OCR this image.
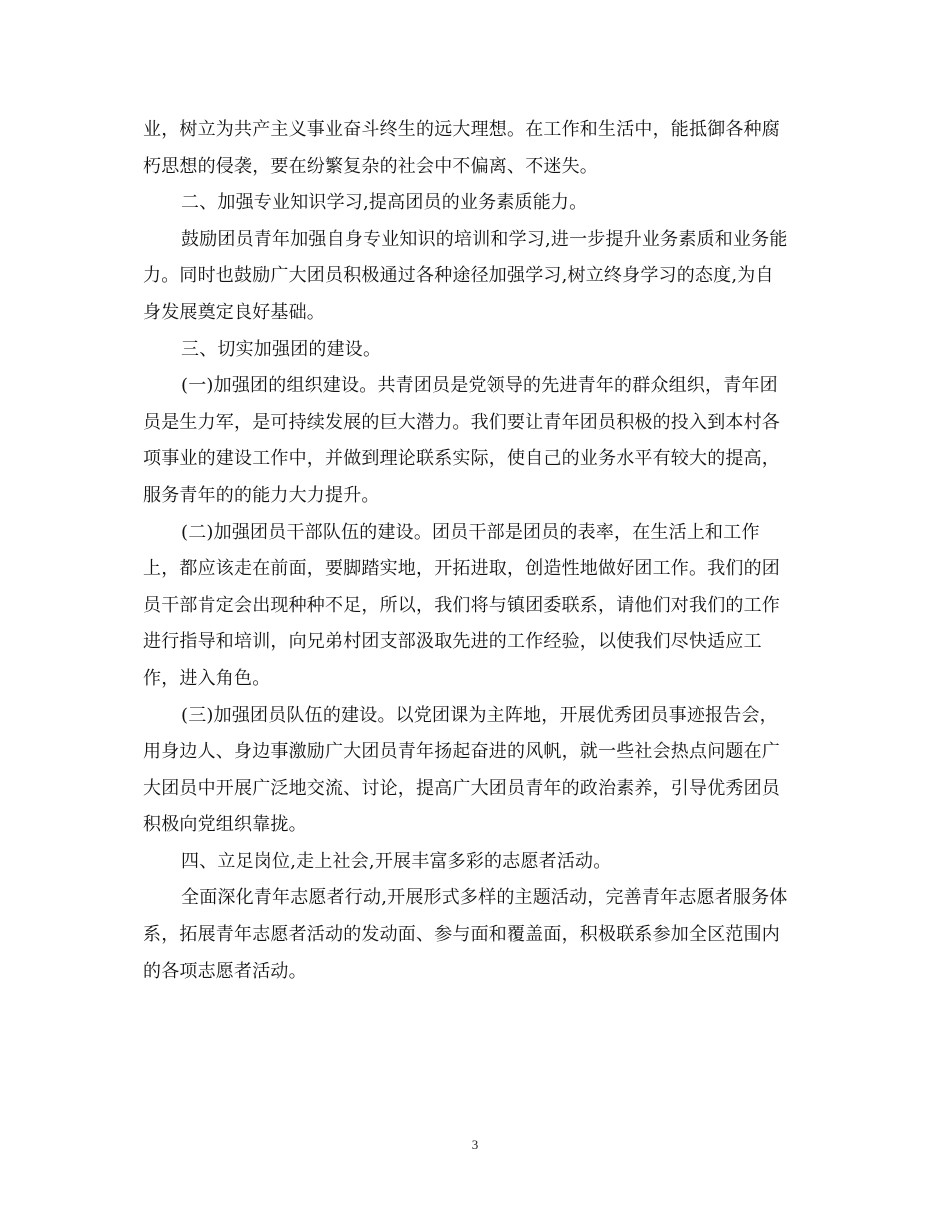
业，树立为共产主义事业奋斗终生的远大理想。在工作和生活中，能抵御各种腐
朽思想的侵袭，要在纷繁复杂的社会中不偏离、不迷失。
二、加强专业知识学习,提高团员的业务素质能力。
鼓励团员青年加强自身专业知识的培训和学习,进一步提升业务素质和业务能
力。同时也鼓励广大团员积极通过各种途径加强学习,树立终身学习的态度,为自
身发展奠定良好基础。
三、切实加强团的建设。
(一)加强团的组织建设。共青团员是党领导的先进青年的群众组织，青年团
员是生力军，是可持续发展的巨大潜力。我们要让青年团员积极的投入到本村各
项事业的建设工作中，并做到理论联系实际，使自己的业务水平有较大的提高，
服务青年的的能力大力提升。
(二)加强团员干部队伍的建设。团员干部是团员的表率，在生活上和工作
上，都应该走在前面，要脚踏实地，开拓进取，创造性地做好团工作。我们的团
员干部肯定会出现种种不足，所以，我们将与镇团委联系，请他们对我们的工作
进行指导和培训，向兄弟村团支部汲取先进的工作经验，以使我们尽快适应工
作，进入角色。
(三)加强团员队伍的建设。以党团课为主阵地，开展优秀团员事迹报告会，
用身边人、身边事激励广大团员青年扬起奋进的风帆，就一些社会热点问题在广
大团员中开展广泛地交流、讨论，提高广大团员青年的政治素养，引导优秀团员
积极向党组织靠拢。
四、立足岗位,走上社会,开展丰富多彩的志愿者活动。
全面深化青年志愿者行动,开展形式多样的主题活动，完善青年志愿者服务体
系，拓展青年志愿者活动的发动面、参与面和覆盖面，积极联系参加全区范围内
的各项志愿者活动。
3
